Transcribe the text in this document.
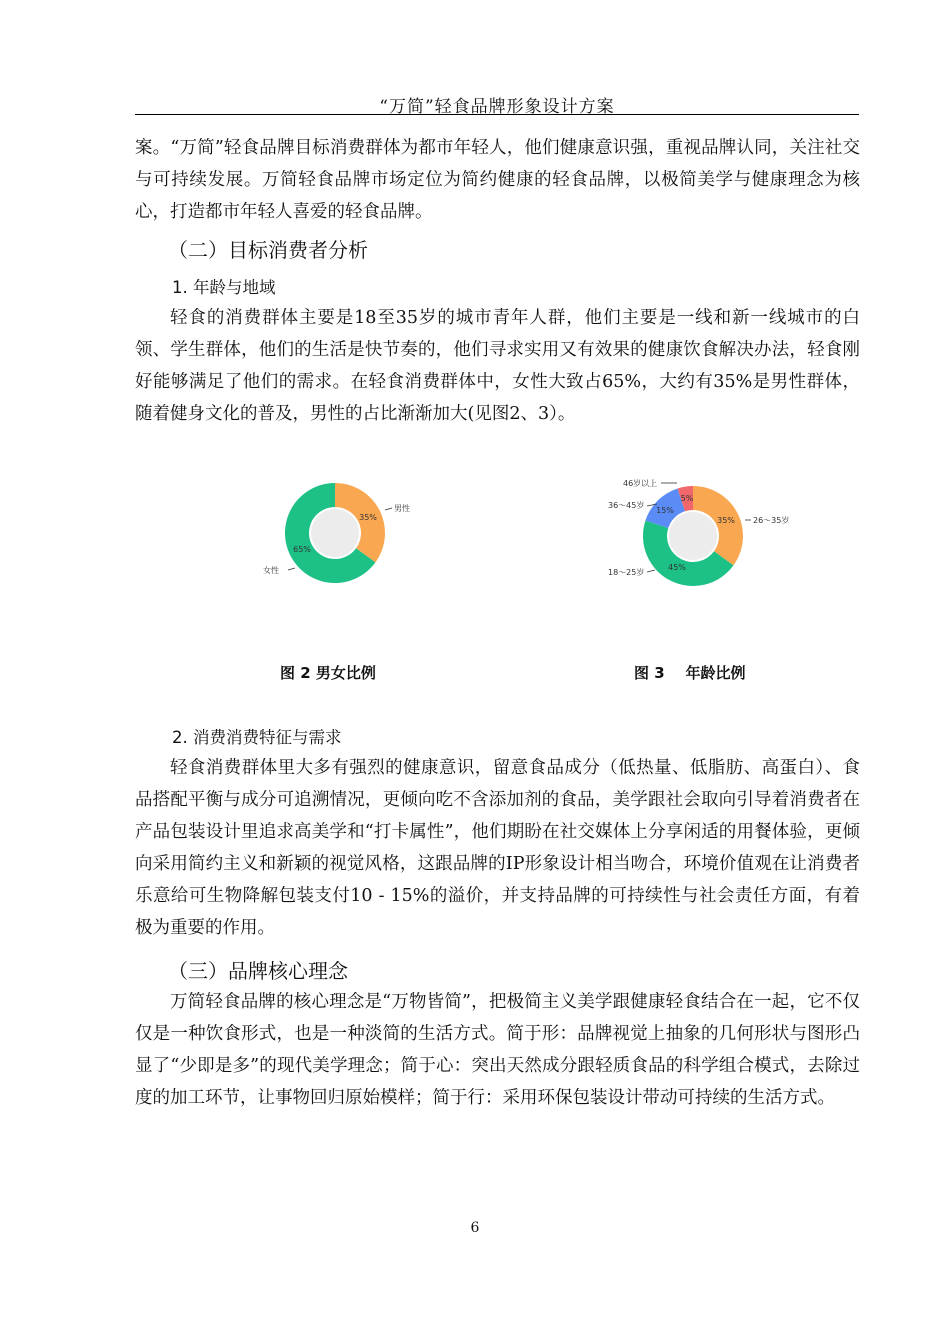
“万简”轻食品牌形象设计方案

案。“万简”轻食品牌目标消费群体为都市年轻人，他们健康意识强，重视品牌认同，关注社交与可持续发展。万简轻食品牌市场定位为简约健康的轻食品牌，以极简美学与健康理念为核心，打造都市年轻人喜爱的轻食品牌。

（二）目标消费者分析
1. 年龄与地域

轻食的消费群体主要是18至35岁的城市青年人群，他们主要是一线和新一线城市的白领、学生群体，他们的生活是快节奏的，他们寻求实用又有效果的健康饮食解决办法，轻食刚好能够满足了他们的需求。在轻食消费群体中，女性大致占65%，大约有35%是男性群体，随着健身文化的普及，男性的占比渐渐加大(见图2、3）。

35%
65%
男性
女性
35%
45%
15%
5%
26～35岁
18～25岁
36～45岁
46岁以上
图 2 男女比例	图 3    年龄比例
2. 消费消费特征与需求

轻食消费群体里大多有强烈的健康意识，留意食品成分（低热量、低脂肪、高蛋白）、食品搭配平衡与成分可追溯情况，更倾向吃不含添加剂的食品，美学跟社会取向引导着消费者在产品包装设计里追求高美学和“打卡属性”，他们期盼在社交媒体上分享闲适的用餐体验，更倾向采用简约主义和新颖的视觉风格，这跟品牌的IP形象设计相当吻合，环境价值观在让消费者乐意给可生物降解包装支付10 - 15%的溢价，并支持品牌的可持续性与社会责任方面，有着极为重要的作用。

（三）品牌核心理念

万简轻食品牌的核心理念是“万物皆简”，把极简主义美学跟健康轻食结合在一起，它不仅仅是一种饮食形式，也是一种淡简的生活方式。简于形：品牌视觉上抽象的几何形状与图形凸显了“少即是多”的现代美学理念；简于心：突出天然成分跟轻质食品的科学组合模式，去除过度的加工环节，让事物回归原始模样；简于行：采用环保包装设计带动可持续的生活方式。

6
